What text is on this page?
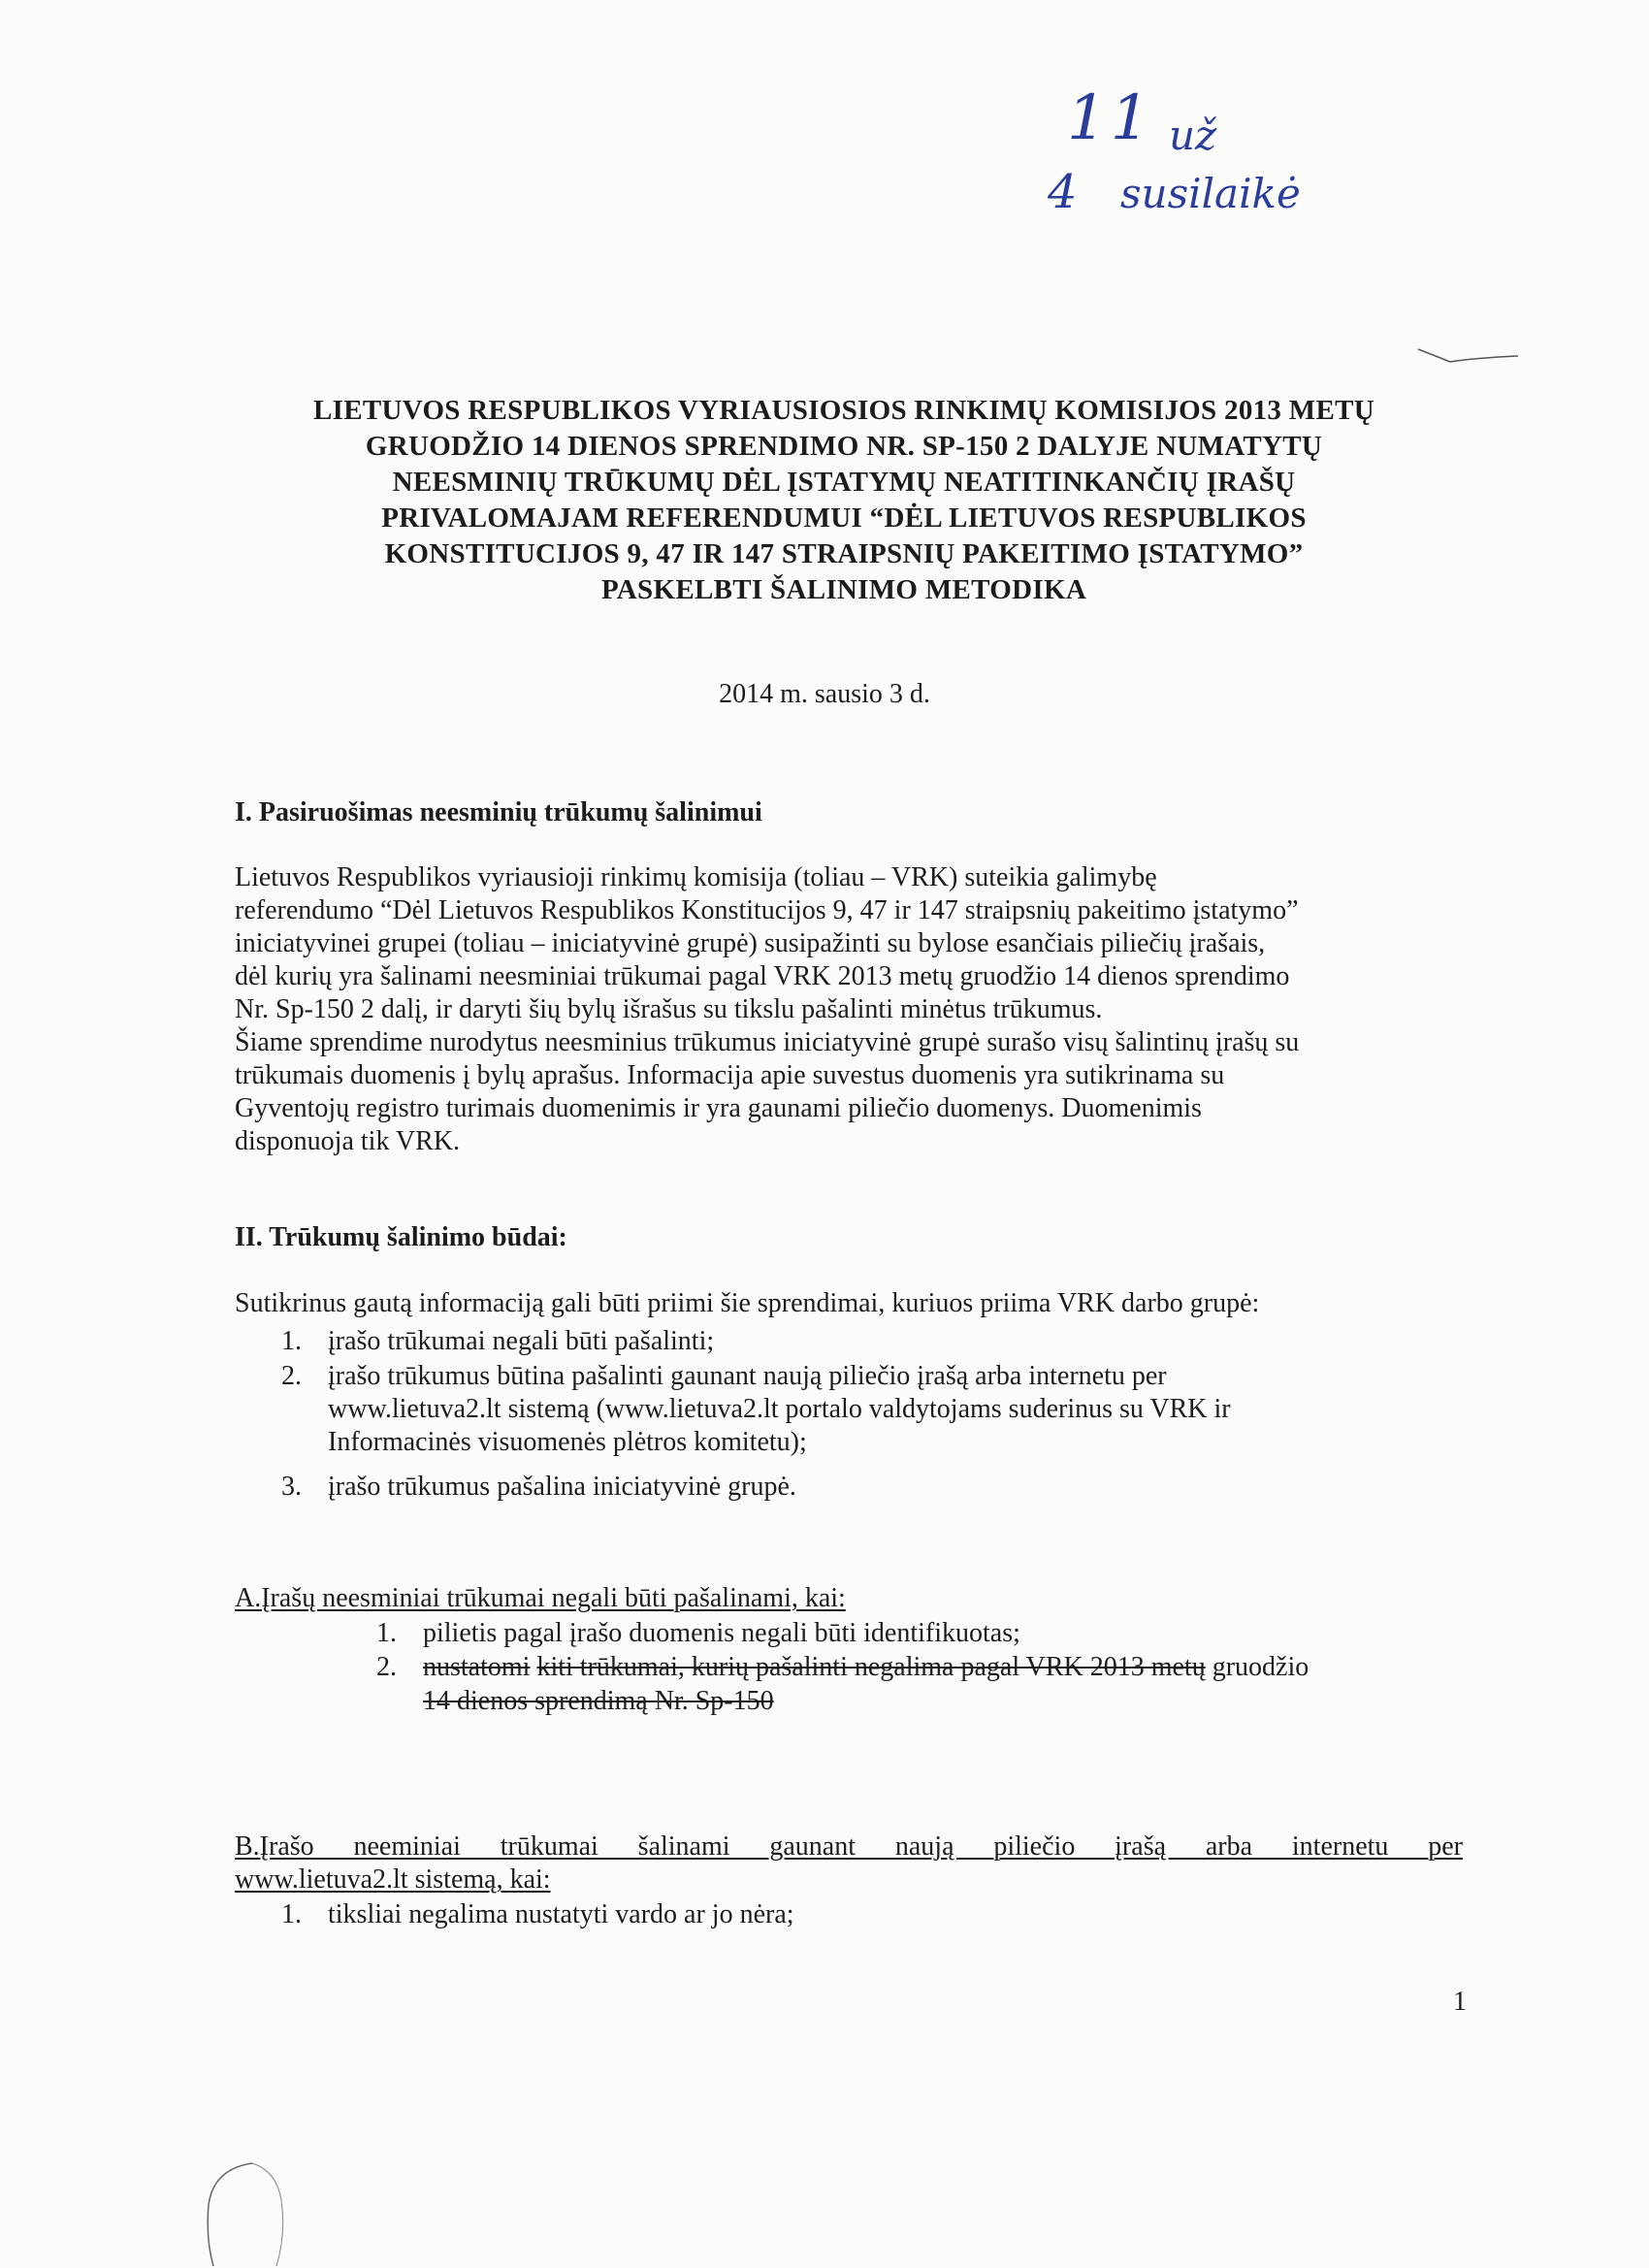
11 už
4 susilaikė
LIETUVOS RESPUBLIKOS VYRIAUSIOSIOS RINKIMŲ KOMISIJOS 2013 METŲ
GRUODŽIO 14 DIENOS SPRENDIMO NR. SP-150 2 DALYJE NUMATYTŲ
NEESMINIŲ TRŪKUMŲ DĖL ĮSTATYMŲ NEATITINKANČIŲ ĮRAŠŲ
PRIVALOMAJAM REFERENDUMUI “DĖL LIETUVOS RESPUBLIKOS
KONSTITUCIJOS 9, 47 IR 147 STRAIPSNIŲ PAKEITIMO ĮSTATYMO”
PASKELBTI ŠALINIMO METODIKA
2014 m. sausio 3 d.
I. Pasiruošimas neesminių trūkumų šalinimui
Lietuvos Respublikos vyriausioji rinkimų komisija (toliau – VRK) suteikia galimybę
referendumo “Dėl Lietuvos Respublikos Konstitucijos 9, 47 ir 147 straipsnių pakeitimo įstatymo”
iniciatyvinei grupei (toliau – iniciatyvinė grupė) susipažinti su bylose esančiais piliečių įrašais,
dėl kurių yra šalinami neesminiai trūkumai pagal VRK 2013 metų gruodžio 14 dienos sprendimo
Nr. Sp-150 2 dalį, ir daryti šių bylų išrašus su tikslu pašalinti minėtus trūkumus.
Šiame sprendime nurodytus neesminius trūkumus iniciatyvinė grupė surašo visų šalintinų įrašų su
trūkumais duomenis į bylų aprašus. Informacija apie suvestus duomenis yra sutikrinama su
Gyventojų registro turimais duomenimis ir yra gaunami piliečio duomenys. Duomenimis
disponuoja tik VRK.
II. Trūkumų šalinimo būdai:
Sutikrinus gautą informaciją gali būti priimi šie sprendimai, kuriuos priima VRK darbo grupė:
1. įrašo trūkumai negali būti pašalinti;
2. įrašo trūkumus būtina pašalinti gaunant naują piliečio įrašą arba internetu per
www.lietuva2.lt sistemą (www.lietuva2.lt portalo valdytojams suderinus su VRK ir
Informacinės visuomenės plėtros komitetu);
3. įrašo trūkumus pašalina iniciatyvinė grupė.
A.Įrašų neesminiai trūkumai negali būti pašalinami, kai:
1. pilietis pagal įrašo duomenis negali būti identifikuotas;
2. nustatomi kiti trūkumai, kurių pašalinti negalima pagal VRK 2013 metų gruodžio
14 dienos sprendimą Nr. Sp-150
B.Įrašo neeminiai trūkumai šalinami gaunant naują piliečio įrašą arba internetu per
www.lietuva2.lt sistemą, kai:
1. tiksliai negalima nustatyti vardo ar jo nėra;
1
